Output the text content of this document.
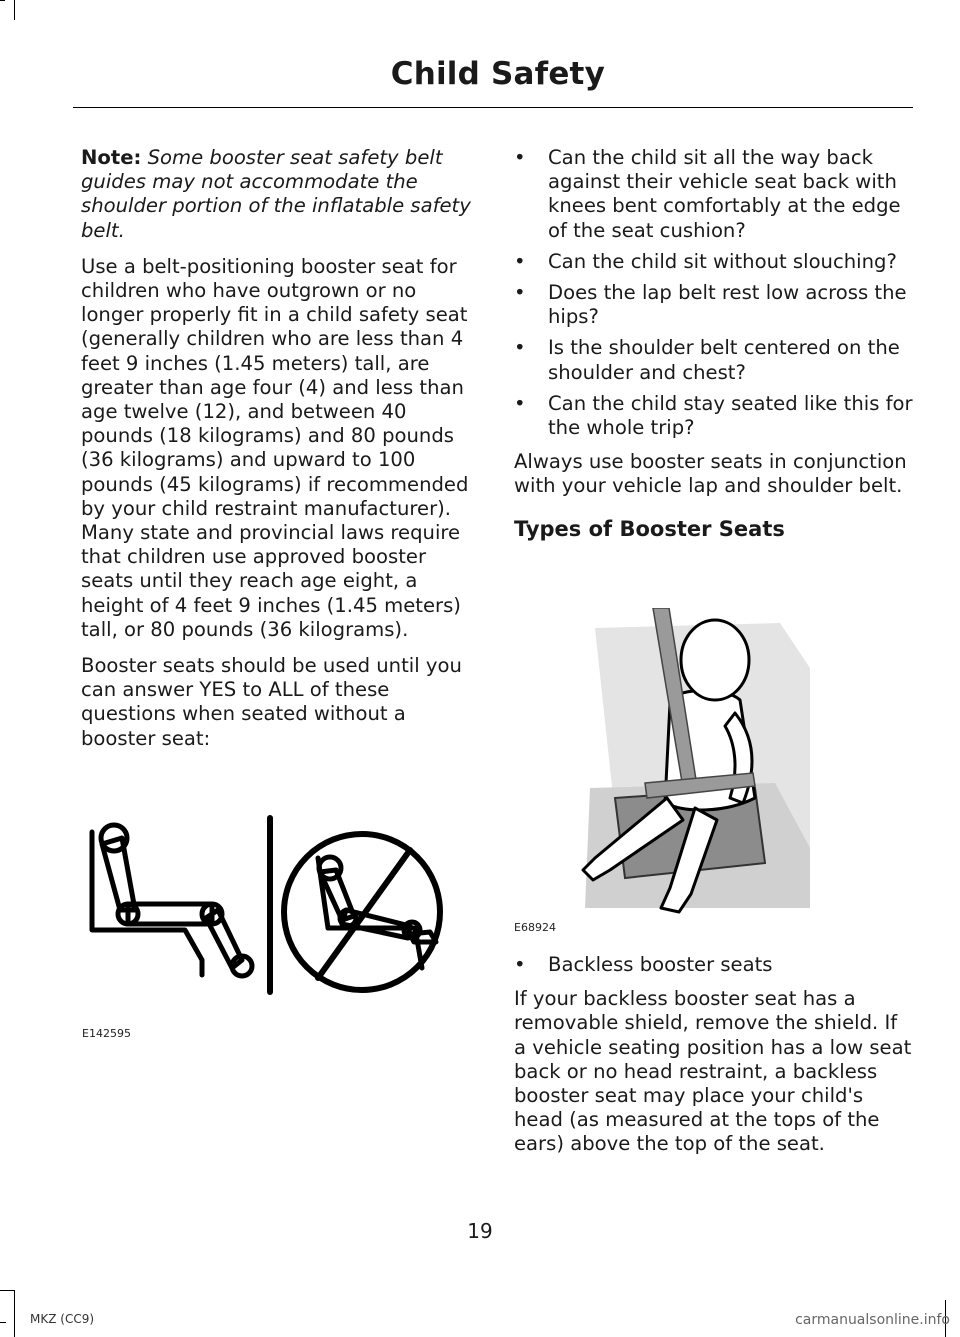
Child Safety

Note: Some booster seat safety belt guides may not accommodate the shoulder portion of the inflatable safety belt.

Use a belt-positioning booster seat for children who have outgrown or no longer properly fit in a child safety seat (generally children who are less than 4 feet 9 inches (1.45 meters) tall, are greater than age four (4) and less than age twelve (12), and between 40 pounds (18 kilograms) and 80 pounds (36 kilograms) and upward to 100 pounds (45 kilograms) if recommended by your child restraint manufacturer). Many state and provincial laws require that children use approved booster seats until they reach age eight, a height of 4 feet 9 inches (1.45 meters) tall, or 80 pounds (36 kilograms).

Booster seats should be used until you can answer YES to ALL of these questions when seated without a booster seat:

E142595
• Can the child sit all the way back against their vehicle seat back with knees bent comfortably at the edge of the seat cushion?
• Can the child sit without slouching?
• Does the lap belt rest low across the hips?
• Is the shoulder belt centered on the shoulder and chest?
• Can the child stay seated like this for the whole trip?

Always use booster seats in conjunction with your vehicle lap and shoulder belt.

Types of Booster Seats
E68924
• Backless booster seats

If your backless booster seat has a removable shield, remove the shield. If a vehicle seating position has a low seat back or no head restraint, a backless booster seat may place your child's head (as measured at the tops of the ears) above the top of the seat.

19
MKZ (CC9)	carmanualsonline.info
